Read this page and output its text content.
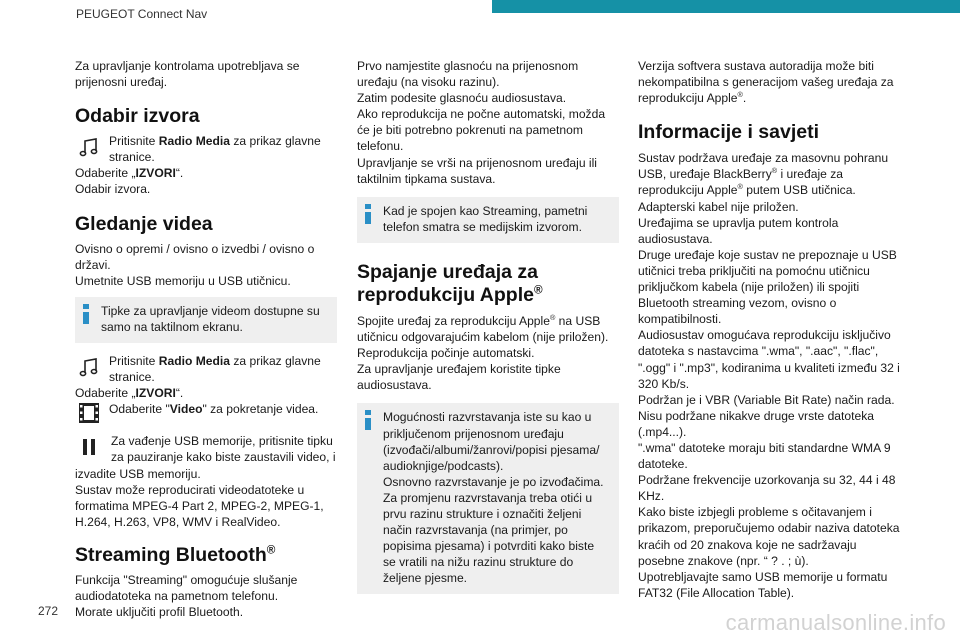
PEUGEOT Connect Nav

Za upravljanje kontrolama upotrebljava se prijenosni uređaj.

Odabir izvora

Pritisnite Radio Media za prikaz glavne stranice.

Odaberite „IZVORI“.

Odabir izvora.

Gledanje videa

Ovisno o opremi / ovisno o izvedbi / ovisno o državi.

Umetnite USB memoriju u USB utičnicu.

Tipke za upravljanje videom dostupne su samo na taktilnom ekranu.

Pritisnite Radio Media za prikaz glavne stranice.

Odaberite „IZVORI“.

Odaberite "Video" za pokretanje videa.

Za vađenje USB memorije, pritisnite tipku za pauziranje kako biste zaustavili video, i izvadite USB memoriju.

Sustav može reproducirati videodatoteke u formatima MPEG-4 Part 2, MPEG-2, MPEG-1, H.264, H.263, VP8, WMV i RealVideo.

Streaming Bluetooth®

Funkcija "Streaming" omogućuje slušanje audiodatoteka na pametnom telefonu.

Morate uključiti profil Bluetooth.

Prvo namjestite glasnoću na prijenosnom uređaju (na visoku razinu).

Zatim podesite glasnoću audiosustava.

Ako reprodukcija ne počne automatski, možda će je biti potrebno pokrenuti na pametnom telefonu.

Upravljanje se vrši na prijenosnom uređaju ili taktilnim tipkama sustava.

Kad je spojen kao Streaming, pametni telefon smatra se medijskim izvorom.

Spajanje uređaja za reprodukciju Apple®

Spojite uređaj za reprodukciju Apple® na USB utičnicu odgovarajućim kabelom (nije priložen).

Reprodukcija počinje automatski.

Za upravljanje uređajem koristite tipke audiosustava.

Mogućnosti razvrstavanja iste su kao u priključenom prijenosnom uređaju (izvođači/albumi/žanrovi/popisi pjesama/ audioknjige/podcasts).

Osnovno razvrstavanje je po izvođačima.

Za promjenu razvrstavanja treba otići u prvu razinu strukture i označiti željeni način razvrstavanja (na primjer, po popisima pjesama) i potvrditi kako biste se vratili na nižu razinu strukture do željene pjesme.

Verzija softvera sustava autoradija može biti nekompatibilna s generacijom vašeg uređaja za reprodukciju Apple®.

Informacije i savjeti

Sustav podržava uređaje za masovnu pohranu USB, uređaje BlackBerry® i uređaje za reprodukciju Apple® putem USB utičnica.

Adapterski kabel nije priložen.

Uređajima se upravlja putem kontrola audiosustava.

Druge uređaje koje sustav ne prepoznaje u USB utičnici treba priključiti na pomoćnu utičnicu priključkom kabela (nije priložen) ili spojiti Bluetooth streaming vezom, ovisno o kompatibilnosti.

Audiosustav omogućava reprodukciju isključivo datoteka s nastavcima ".wma", ".aac", ".flac", ".ogg" i ".mp3", kodiranima u kvaliteti između 32 i 320 Kb/s.

Podržan je i VBR (Variable Bit Rate) način rada.

Nisu podržane nikakve druge vrste datoteka (.mp4...).

".wma" datoteke moraju biti standardne WMA 9 datoteke.

Podržane frekvencije uzorkovanja su 32, 44 i 48 KHz.

Kako biste izbjegli probleme s očitavanjem i prikazom, preporučujemo odabir naziva datoteka kraćih od 20 znakova koje ne sadržavaju posebne znakove (npr. “ ? . ; ù).

Upotrebljavajte samo USB memorije u formatu FAT32 (File Allocation Table).

272	carmanualsonline.info
